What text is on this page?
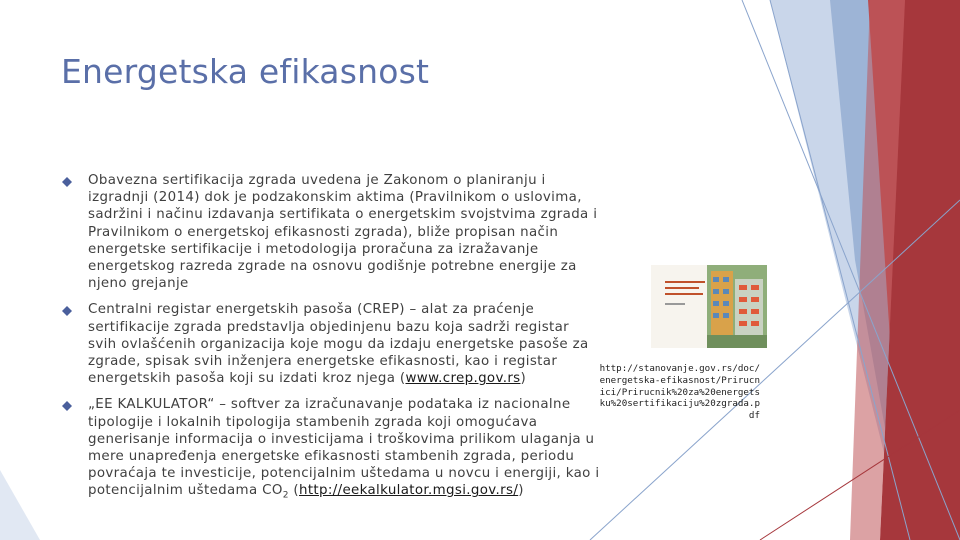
Energetska efikasnost
Obavezna sertifikacija zgrada uvedena je Zakonom o planiranju i izgradnji (2014) dok je podzakonskim aktima (Pravilnikom o uslovima, sadržini i načinu izdavanja sertifikata o energetskim svojstvima zgrada i Pravilnikom o energetskoj efikasnosti zgrada), bliže propisan način energetske sertifikacije i metodologija proračuna za izražavanje energetskog razreda zgrade na osnovu godišnje potrebne energije za njeno grejanje
Centralni registar energetskih pasoša (CREP) – alat za praćenje sertifikacije zgrada predstavlja objedinjenu bazu koja sadrži registar svih ovlašćenih organizacija koje mogu da izdaju energetske pasoše za zgrade, spisak svih inženjera energetske efikasnosti, kao i registar energetskih pasoša koji su izdati kroz njega (www.crep.gov.rs)
„EE KALKULATOR“ – softver za izračunavanje podataka iz nacionalne tipologije i lokalnih tipologija stambenih zgrada koji omogućava generisanje informacija o investicijama i troškovima prilikom ulaganja u mere unapređenja energetske efikasnosti stambenih zgrada, periodu povraćaja te investicije, potencijalnim uštedama u novcu i energiji, kao i potencijalnim uštedama $CO_2$ (http://eekalkulator.mgsi.gov.rs/)
http://stanovanje.gov.rs/doc/energetska-efikasnost/Prirucnici/Prirucnik%20za%20energetsku%20sertifikaciju%20zgrada.pdf
